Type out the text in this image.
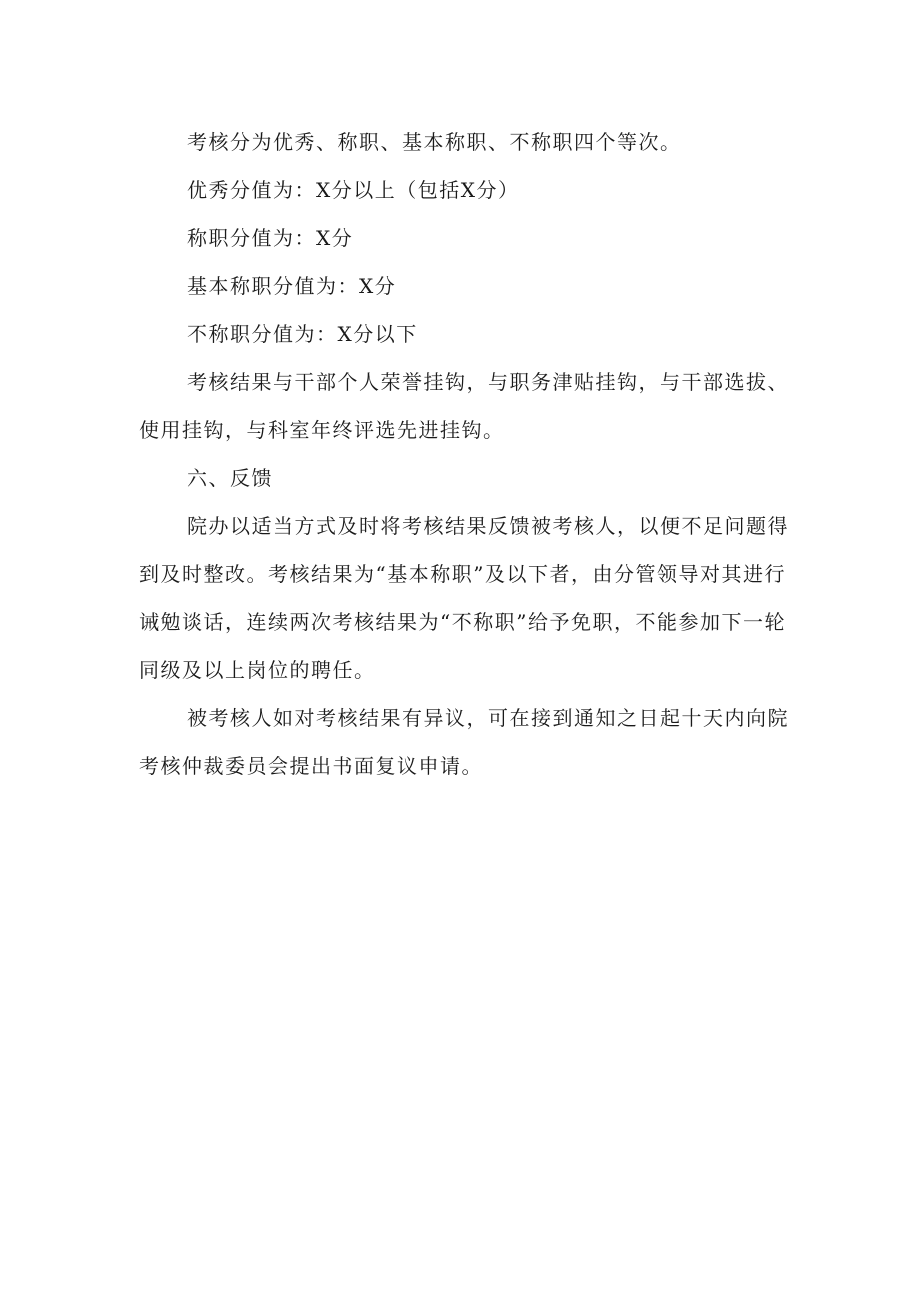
考核分为优秀、称职、基本称职、不称职四个等次。

优秀分值为：X分以上（包括X分）

称职分值为：X分

基本称职分值为：X分

不称职分值为：X分以下

考核结果与干部个人荣誉挂钩，与职务津贴挂钩，与干部选拔、使用挂钩，与科室年终评选先进挂钩。

六、反馈

院办以适当方式及时将考核结果反馈被考核人，以便不足问题得到及时整改。考核结果为“基本称职”及以下者，由分管领导对其进行诫勉谈话，连续两次考核结果为“不称职”给予免职，不能参加下一轮同级及以上岗位的聘任。

被考核人如对考核结果有异议，可在接到通知之日起十天内向院考核仲裁委员会提出书面复议申请。
